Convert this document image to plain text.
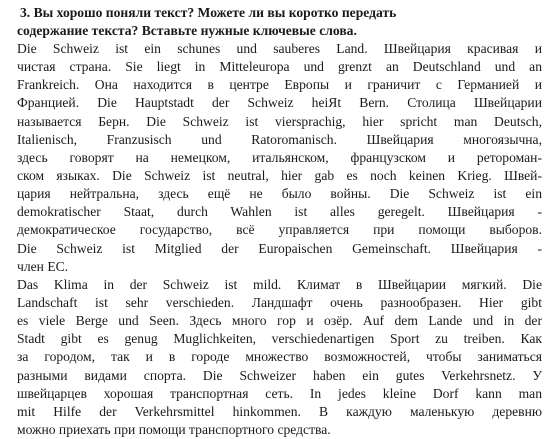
3. Вы хорошо поняли текст? Можете ли вы коротко передать
содержание текста? Вставьте нужные ключевые слова.
Die Schweiz ist ein schunes und sauberes Land. Швейцария красивая и
чистая страна. Sie liegt in Mitteleuropa und grenzt an Deutschland und an
Frankreich. Она находится в центре Европы и граничит с Германией и
Францией. Die Hauptstadt der Schweiz heiЯt Bern. Столица Швейцарии
называется Берн. Die Schweiz ist viersprachig, hier spricht man Deutsch,
Italienisch, Franzusisch und Ratoromanisch. Швейцария многоязычна,
здесь говорят на немецком, итальянском, французском и ретороман-
ском языках. Die Schweiz ist neutral, hier gab es noch keinen Krieg. Швей-
цария нейтральна, здесь ещё не было войны. Die Schweiz ist ein
demokratischer Staat, durch Wahlen ist alles geregelt. Швейцария -
демократическое государство, всё управляется при помощи выборов.
Die Schweiz ist Mitglied der Europaischen Gemeinschaft. Швейцария -
член ЕС.
Das Klima in der Schweiz ist mild. Климат в Швейцарии мягкий. Die
Landschaft ist sehr verschieden. Ландшафт очень разнообразен. Hier gibt
es viele Berge und Seen. Здесь много гор и озёр. Auf dem Lande und in der
Stadt gibt es genug Muglichkeiten, verschiedenartigen Sport zu treiben. Как
за городом, так и в городе множество возможностей, чтобы заниматься
разными видами спорта. Die Schweizer haben ein gutes Verkehrsnetz. У
швейцарцев хорошая транспортная сеть. In jedes kleine Dorf kann man
mit Hilfe der Verkehrsmittel hinkommen. В каждую маленькую деревню
можно приехать при помощи транспортного средства.
